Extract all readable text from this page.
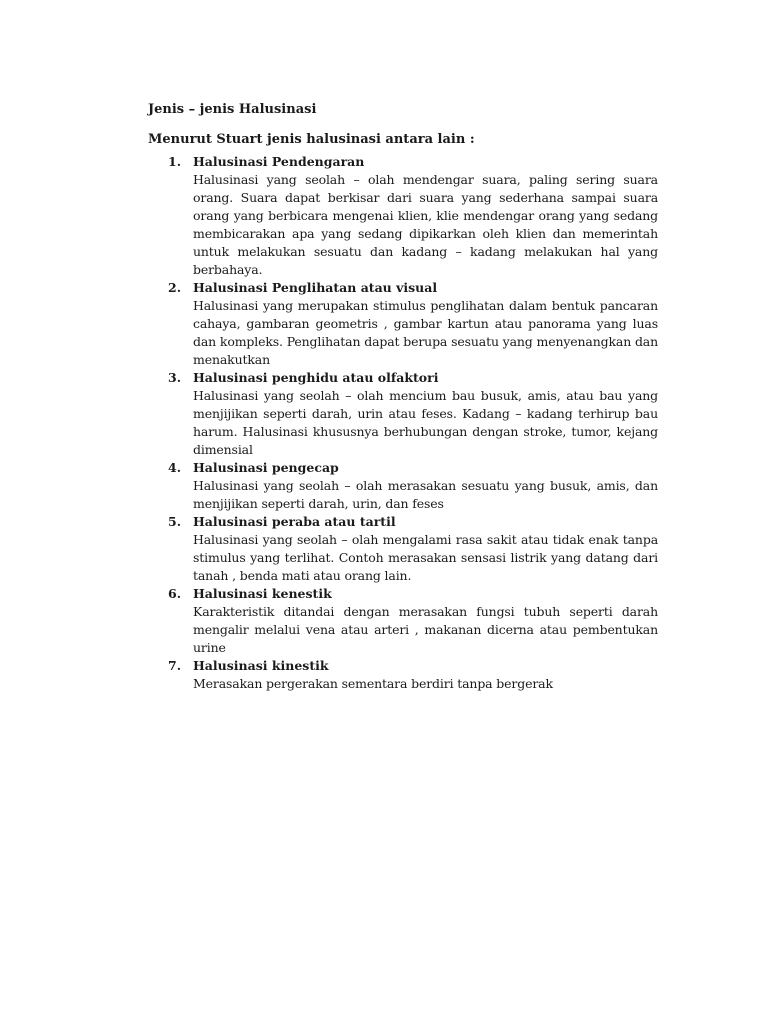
Jenis – jenis Halusinasi
Menurut Stuart jenis halusinasi antara lain :
1. Halusinasi Pendengaran
Halusinasi yang seolah – olah mendengar suara, paling sering suara orang. Suara dapat berkisar dari suara yang sederhana sampai suara orang yang berbicara mengenai klien, klie mendengar orang yang sedang membicarakan apa yang sedang dipikarkan oleh klien dan memerintah untuk melakukan sesuatu dan kadang – kadang melakukan hal yang berbahaya.
2. Halusinasi Penglihatan atau visual
Halusinasi yang merupakan stimulus penglihatan dalam bentuk pancaran cahaya, gambaran geometris , gambar kartun atau panorama yang luas dan kompleks. Penglihatan dapat berupa sesuatu yang menyenangkan dan menakutkan
3. Halusinasi penghidu atau olfaktori
Halusinasi yang seolah – olah mencium bau busuk, amis, atau bau yang menjijikan seperti darah, urin atau feses. Kadang – kadang terhirup bau harum. Halusinasi khususnya berhubungan dengan stroke, tumor, kejang dimensial
4. Halusinasi pengecap
Halusinasi yang seolah – olah merasakan sesuatu yang busuk, amis, dan menjijikan seperti darah, urin, dan feses
5. Halusinasi peraba atau tartil
Halusinasi yang seolah – olah mengalami rasa sakit atau tidak enak tanpa stimulus yang terlihat. Contoh merasakan sensasi listrik yang datang dari tanah , benda mati atau orang lain.
6. Halusinasi kenestik
Karakteristik ditandai dengan merasakan fungsi tubuh seperti darah mengalir melalui vena atau arteri , makanan dicerna atau pembentukan urine
7. Halusinasi kinestik
Merasakan pergerakan sementara berdiri tanpa bergerak
